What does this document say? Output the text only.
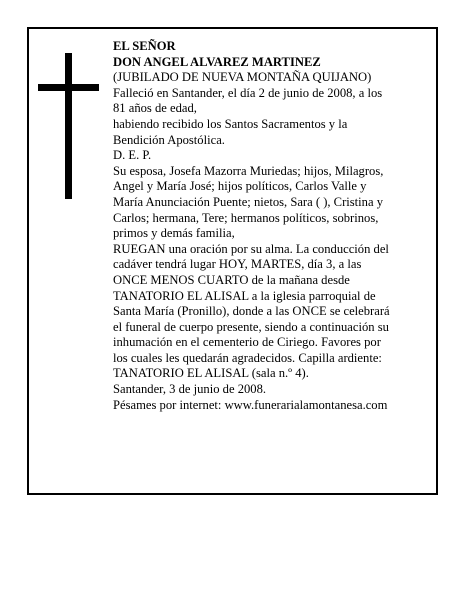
EL SEÑOR
DON ANGEL ALVAREZ MARTINEZ
(JUBILADO DE NUEVA MONTAÑA QUIJANO)
Falleció en Santander, el día 2 de junio de 2008, a los
81 años de edad,
habiendo recibido los Santos Sacramentos y la
Bendición Apostólica.
D. E. P.
Su esposa, Josefa Mazorra Muriedas; hijos, Milagros,
Angel y María José; hijos políticos, Carlos Valle y
María Anunciación Puente; nietos, Sara ( ), Cristina y
Carlos; hermana, Tere; hermanos políticos, sobrinos,
primos y demás familia,
RUEGAN una oración por su alma. La conducción del
cadáver tendrá lugar HOY, MARTES, día 3, a las
ONCE MENOS CUARTO de la mañana desde
TANATORIO EL ALISAL a la iglesia parroquial de
Santa María (Pronillo), donde a las ONCE se celebrará
el funeral de cuerpo presente, siendo a continuación su
inhumación en el cementerio de Ciriego. Favores por
los cuales les quedarán agradecidos. Capilla ardiente:
TANATORIO EL ALISAL (sala n.º 4).
Santander, 3 de junio de 2008.
Pésames por internet: www.funerarialamontanesa.com
